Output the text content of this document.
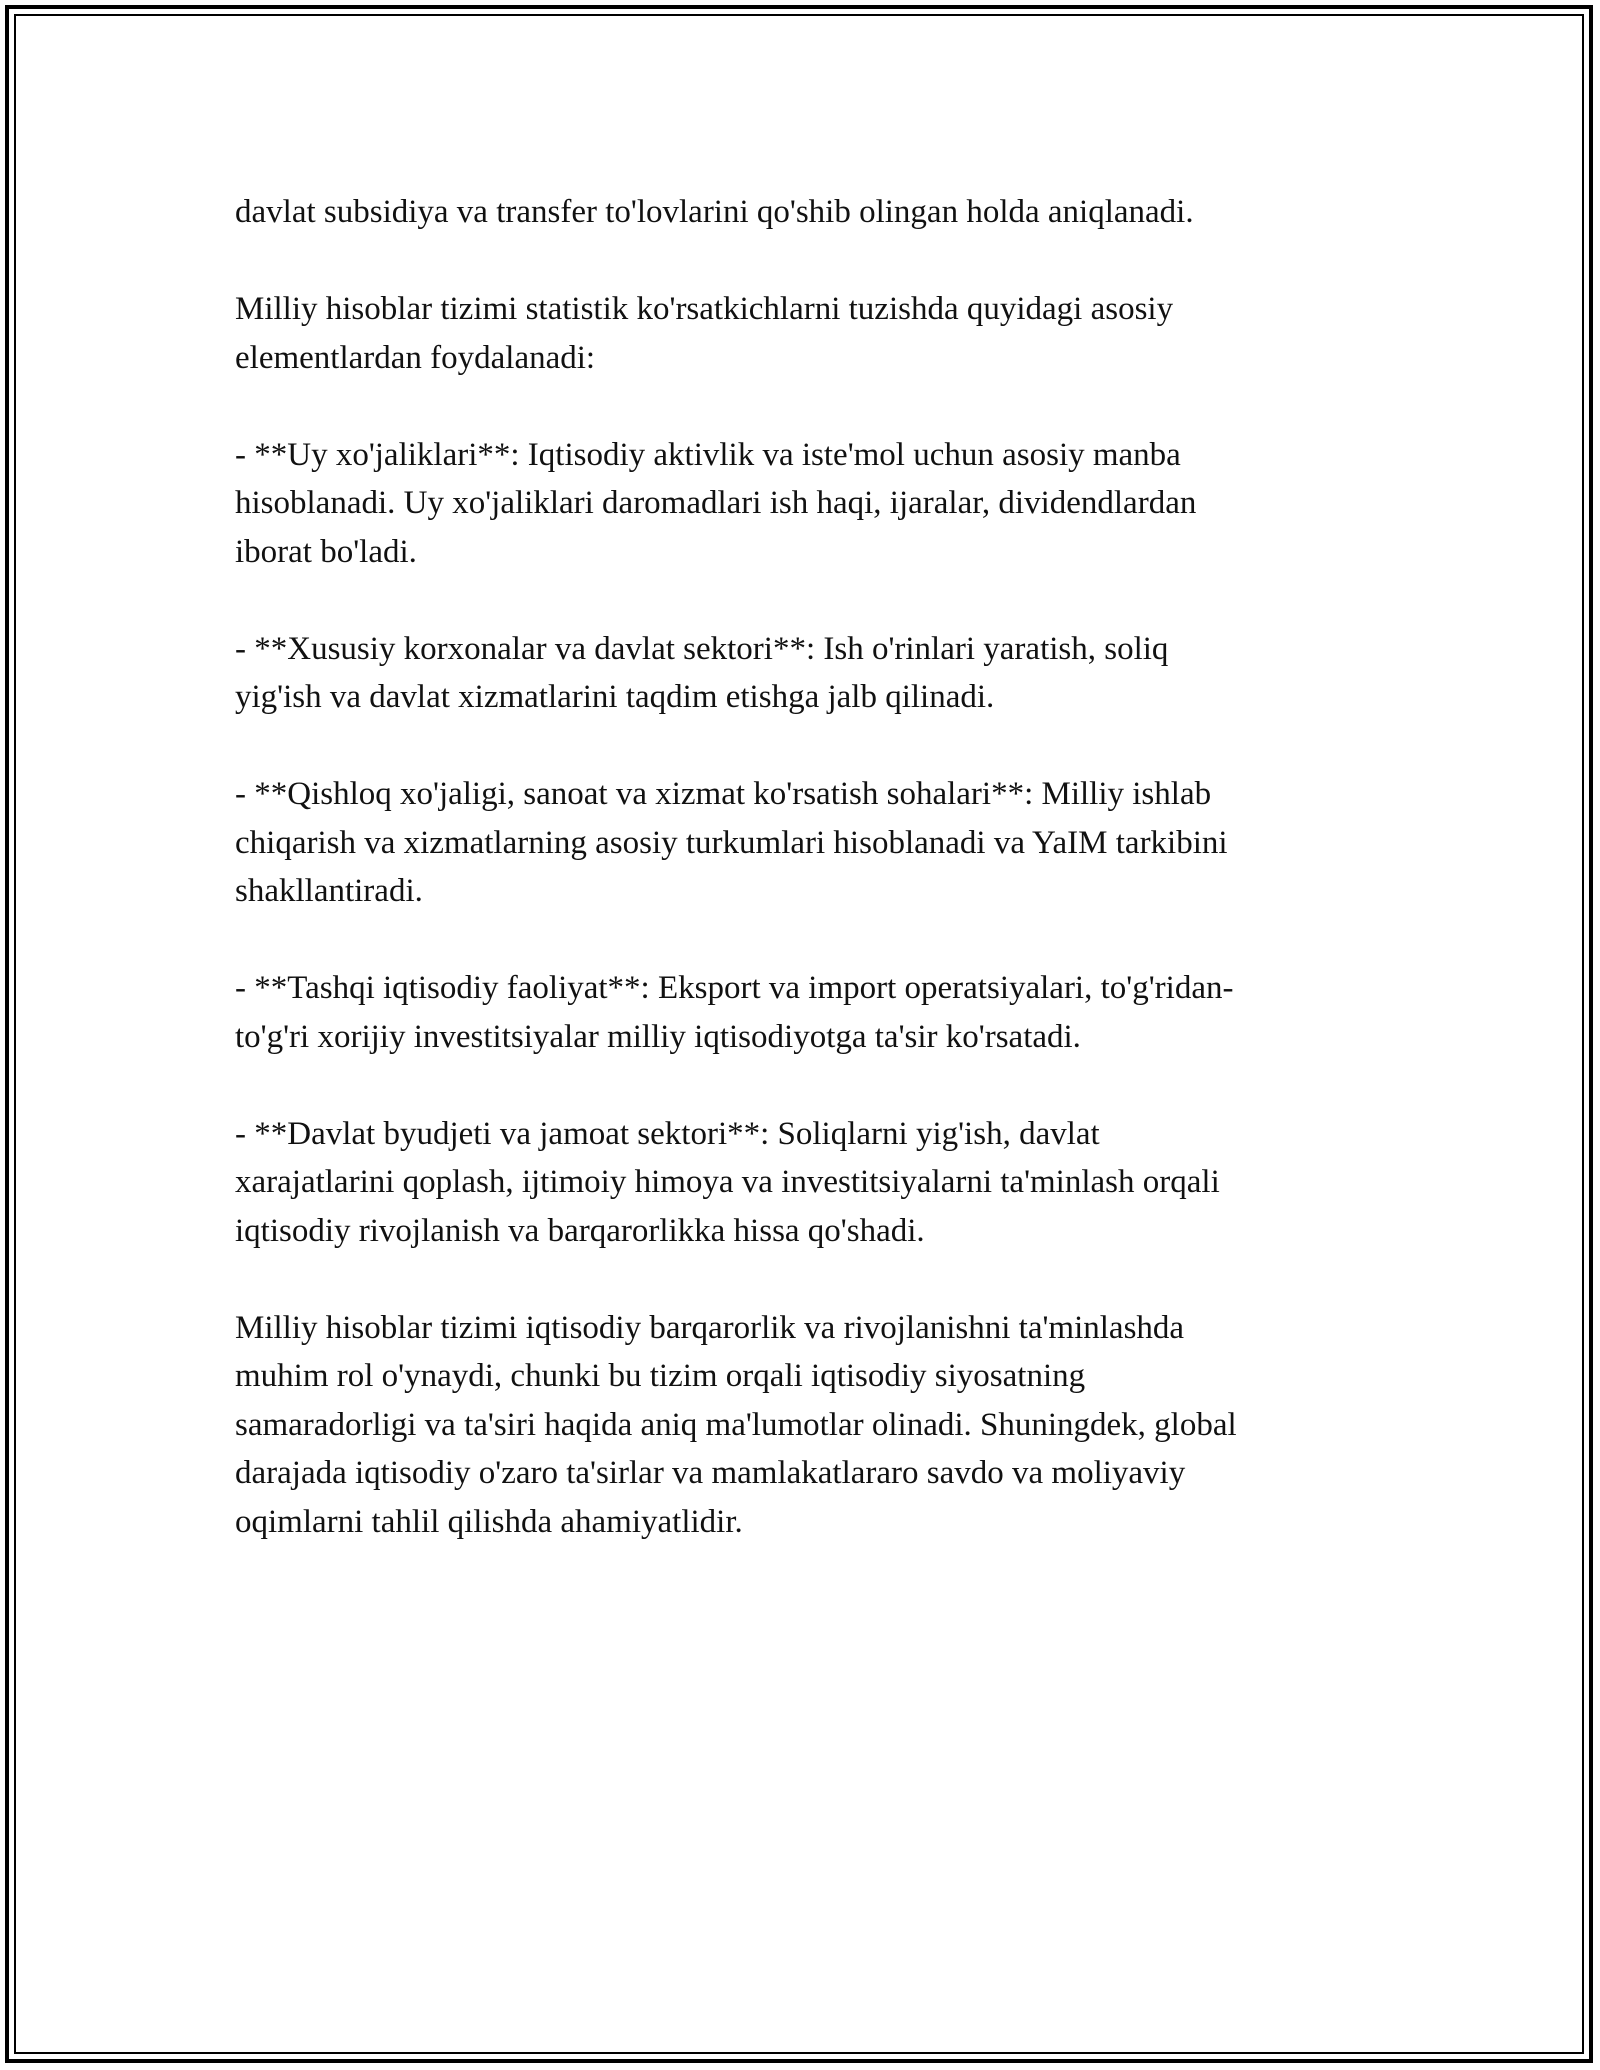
davlat subsidiya va transfer to'lovlarini qo'shib olingan holda aniqlanadi.

Milliy hisoblar tizimi statistik ko'rsatkichlarni tuzishda quyidagi asosiy
elementlardan foydalanadi:

- **Uy xo'jaliklari**: Iqtisodiy aktivlik va iste'mol uchun asosiy manba
hisoblanadi. Uy xo'jaliklari daromadlari ish haqi, ijaralar, dividendlardan
iborat bo'ladi.

- **Xususiy korxonalar va davlat sektori**: Ish o'rinlari yaratish, soliq
yig'ish va davlat xizmatlarini taqdim etishga jalb qilinadi.

- **Qishloq xo'jaligi, sanoat va xizmat ko'rsatish sohalari**: Milliy ishlab
chiqarish va xizmatlarning asosiy turkumlari hisoblanadi va YaIM tarkibini
shakllantiradi.

- **Tashqi iqtisodiy faoliyat**: Eksport va import operatsiyalari, to'g'ridan-
to'g'ri xorijiy investitsiyalar milliy iqtisodiyotga ta'sir ko'rsatadi.

- **Davlat byudjeti va jamoat sektori**: Soliqlarni yig'ish, davlat
xarajatlarini qoplash, ijtimoiy himoya va investitsiyalarni ta'minlash orqali
iqtisodiy rivojlanish va barqarorlikka hissa qo'shadi.

Milliy hisoblar tizimi iqtisodiy barqarorlik va rivojlanishni ta'minlashda
muhim rol o'ynaydi, chunki bu tizim orqali iqtisodiy siyosatning
samaradorligi va ta'siri haqida aniq ma'lumotlar olinadi. Shuningdek, global
darajada iqtisodiy o'zaro ta'sirlar va mamlakatlararo savdo va moliyaviy
oqimlarni tahlil qilishda ahamiyatlidir.
